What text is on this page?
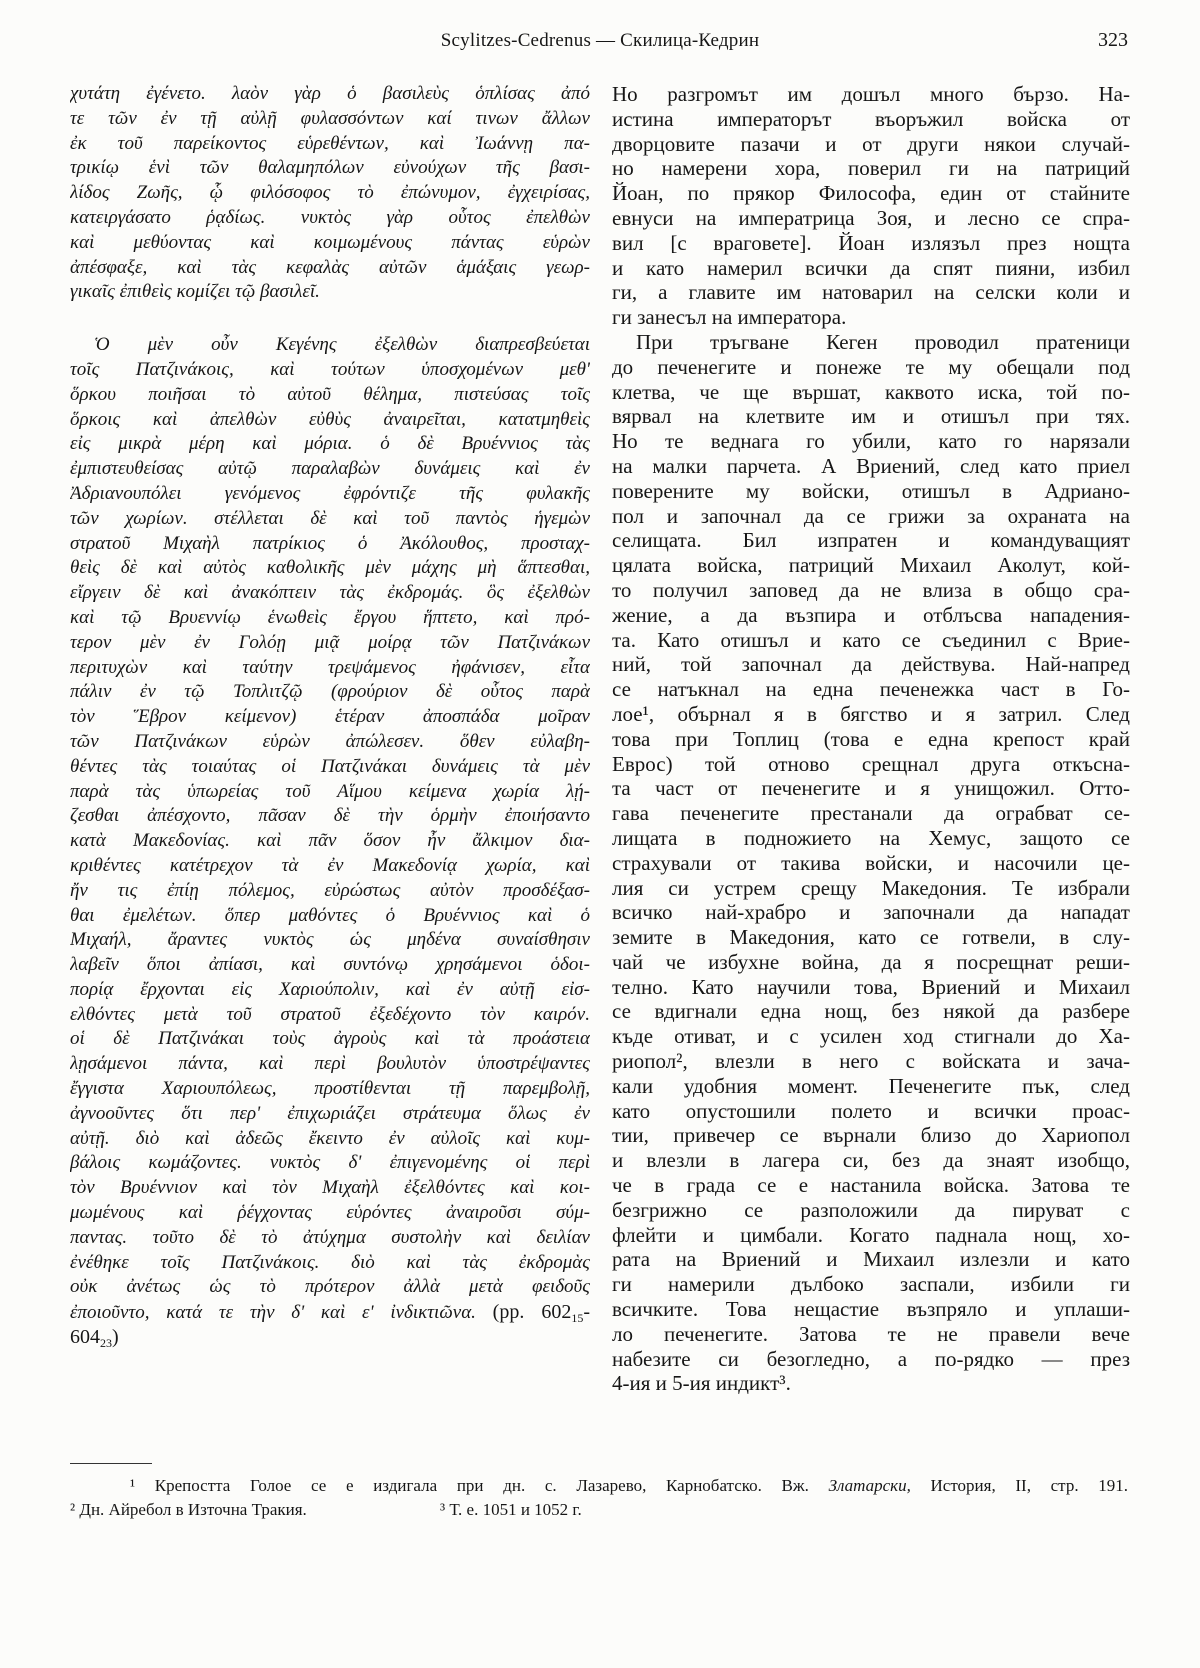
Scylitzes-Cedrenus — Скилица-Кедрин	323
χυτάτη ἐγένετο. λαὸν γὰρ ὁ βασιλεὺς ὁπλίσας ἀπό
τε τῶν ἐν τῇ αὐλῇ φυλασσόντων καί τινων ἄλλων
ἐκ τοῦ παρείκοντος εὑρεθέντων, καὶ Ἰωάννῃ πα-
τρικίῳ ἑνὶ τῶν θαλαμηπόλων εὐνούχων τῆς βασι-
λίδος Ζωῆς, ᾧ φιλόσοφος τὸ ἐπώνυμον, ἐγχειρίσας,
κατειργάσατο ῥᾳδίως. νυκτὸς γὰρ οὗτος ἐπελθὼν
καὶ μεθύοντας καὶ κοιμωμένους πάντας εὑρὼν
ἀπέσφαξε, καὶ τὰς κεφαλὰς αὐτῶν ἁμάξαις γεωρ-
γικαῖς ἐπιθεὶς κομίζει τῷ βασιλεῖ.
Ὁ μὲν οὖν Κεγένης ἐξελθὼν διαπρεσβεύεται
τοῖς Πατζινάκοις, καὶ τούτων ὑποσχομένων μεθ'
ὅρκου ποιῆσαι τὸ αὐτοῦ θέλημα, πιστεύσας τοῖς
ὅρκοις καὶ ἀπελθὼν εὐθὺς ἀναιρεῖται, κατατμηθεὶς
εἰς μικρὰ μέρη καὶ μόρια. ὁ δὲ Βρυέννιος τὰς
ἐμπιστευθείσας αὐτῷ παραλαβὼν δυνάμεις καὶ ἐν
Ἀδριανουπόλει γενόμενος ἐφρόντιζε τῆς φυλακῆς
τῶν χωρίων. στέλλεται δὲ καὶ τοῦ παντὸς ἡγεμὼν
στρατοῦ Μιχαὴλ πατρίκιος ὁ Ἀκόλουθος, προσταχ-
θεὶς δὲ καὶ αὐτὸς καθολικῆς μὲν μάχης μὴ ἅπτεσθαι,
εἴργειν δὲ καὶ ἀνακόπτειν τὰς ἐκδρομάς. ὃς ἐξελθὼν
καὶ τῷ Βρυεννίῳ ἑνωθεὶς ἔργου ἥπτετο, καὶ πρό-
τερον μὲν ἐν Γολόῃ μιᾷ μοίρᾳ τῶν Πατζινάκων
περιτυχὼν καὶ ταύτην τρεψάμενος ἠφάνισεν, εἶτα
πάλιν ἐν τῷ Τοπλιτζῷ (φρούριον δὲ οὗτος παρὰ
τὸν Ἕβρον κείμενον) ἑτέραν ἀποσπάδα μοῖραν
τῶν Πατζινάκων εὑρὼν ἀπώλεσεν. ὅθεν εὐλαβη-
θέντες τὰς τοιαύτας οἱ Πατζινάκαι δυνάμεις τὰ μὲν
παρὰ τὰς ὑπωρείας τοῦ Αἵμου κείμενα χωρία λῄ-
ζεσθαι ἀπέσχοντο, πᾶσαν δὲ τὴν ὁρμὴν ἐποιήσαντο
κατὰ Μακεδονίας. καὶ πᾶν ὅσον ἦν ἄλκιμον δια-
κριθέντες κατέτρεχον τὰ ἐν Μακεδονίᾳ χωρία, καὶ
ἤν τις ἐπίῃ πόλεμος, εὐρώστως αὐτὸν προσδέξασ-
θαι ἐμελέτων. ὅπερ μαθόντες ὁ Βρυέννιος καὶ ὁ
Μιχαήλ, ἄραντες νυκτὸς ὡς μηδένα συναίσθησιν
λαβεῖν ὅποι ἀπίασι, καὶ συντόνῳ χρησάμενοι ὁδοι-
πορίᾳ ἔρχονται εἰς Χαριούπολιν, καὶ ἐν αὐτῇ εἰσ-
ελθόντες μετὰ τοῦ στρατοῦ ἐξεδέχοντο τὸν καιρόν.
οἱ δὲ Πατζινάκαι τοὺς ἀγροὺς καὶ τὰ προάστεια
λῃσάμενοι πάντα, καὶ περὶ βουλυτὸν ὑποστρέψαντες
ἔγγιστα Χαριουπόλεως, προστίθενται τῇ παρεμβολῇ,
ἀγνοοῦντες ὅτι περ' ἐπιχωριάζει στράτευμα ὅλως ἐν
αὐτῇ. διὸ καὶ ἀδεῶς ἔκειντο ἐν αὐλοῖς καὶ κυμ-
βάλοις κωμάζοντες. νυκτὸς δ' ἐπιγενομένης οἱ περὶ
τὸν Βρυέννιον καὶ τὸν Μιχαὴλ ἐξελθόντες καὶ κοι-
μωμένους καὶ ῥέγχοντας εὑρόντες ἀναιροῦσι σύμ-
παντας. τοῦτο δὲ τὸ ἀτύχημα συστολὴν καὶ δειλίαν
ἐνέθηκε τοῖς Πατζινάκοις. διὸ καὶ τὰς ἐκδρομὰς
οὐκ ἀνέτως ὡς τὸ πρότερον ἀλλὰ μετὰ φειδοῦς
ἐποιοῦντο, κατά τε τὴν δ' καὶ ε' ἰνδικτιῶνα. (pp. $602_{15}-$
$604_{23}$)
Но разгромът им дошъл много бързо. На-
истина императорът въоръжил войска от
дворцовите пазачи и от други някои случай-
но намерени хора, поверил ги на патриций
Йоан, по прякор Философа, един от стайните
евнуси на императрица Зоя, и лесно се спра-
вил [с враговете]. Йоан излязъл през нощта
и като намерил всички да спят пияни, избил
ги, а главите им натоварил на селски коли и
ги занесъл на императора.
При тръгване Кеген проводил пратеници
до печенегите и понеже те му обещали под
клетва, че ще вършат, каквото иска, той по-
вярвал на клетвите им и отишъл при тях.
Но те веднага го убили, като го нарязали
на малки парчета. А Вриений, след като приел
поверените му войски, отишъл в Адриано-
пол и започнал да се грижи за охраната на
селищата. Бил изпратен и командуващият
цялата войска, патриций Михаил Аколут, кой-
то получил заповед да не влиза в общо сра-
жение, а да възпира и отблъсва нападения-
та. Като отишъл и като се съединил с Врие-
ний, той започнал да действува. Най-напред
се натъкнал на една печенежка част в Го-
лое¹, обърнал я в бягство и я затрил. След
това при Топлиц (това е една крепост край
Еврос) той отново срещнал друга откъсна-
та част от печенегите и я унищожил. Отто-
гава печенегите престанали да ограбват се-
лищата в подножието на Хемус, защото се
страхували от такива войски, и насочили це-
лия си устрем срещу Македония. Те избрали
всичко най-храбро и започнали да нападат
земите в Македония, като се готвели, в слу-
чай че избухне война, да я посрещнат реши-
телно. Като научили това, Вриений и Михаил
се вдигнали една нощ, без някой да разбере
къде отиват, и с усилен ход стигнали до Ха-
риопол², влезли в него с войската и зача-
кали удобния момент. Печенегите пък, след
като опустошили полето и всички проас-
тии, привечер се върнали близо до Хариопол
и влезли в лагера си, без да знаят изобщо,
че в града се е настанила войска. Затова те
безгрижно се разположили да пируват с
флейти и цимбали. Когато паднала нощ, хо-
рата на Вриений и Михаил излезли и като
ги намерили дълбоко заспали, избили ги
всичките. Това нещастие възпряло и уплаши-
ло печенегите. Затова те не правели вече
набезите си безогледно, а по-рядко — през
4-ия и 5-ия индикт³.
¹ Крепостта Голое се е издигала при дн. с. Лазарево, Карнобатско. Вж. Златарски, История, II, стр. 191.
² Дн. Айребол в Източна Тракия.	³ Т. е. 1051 и 1052 г.
